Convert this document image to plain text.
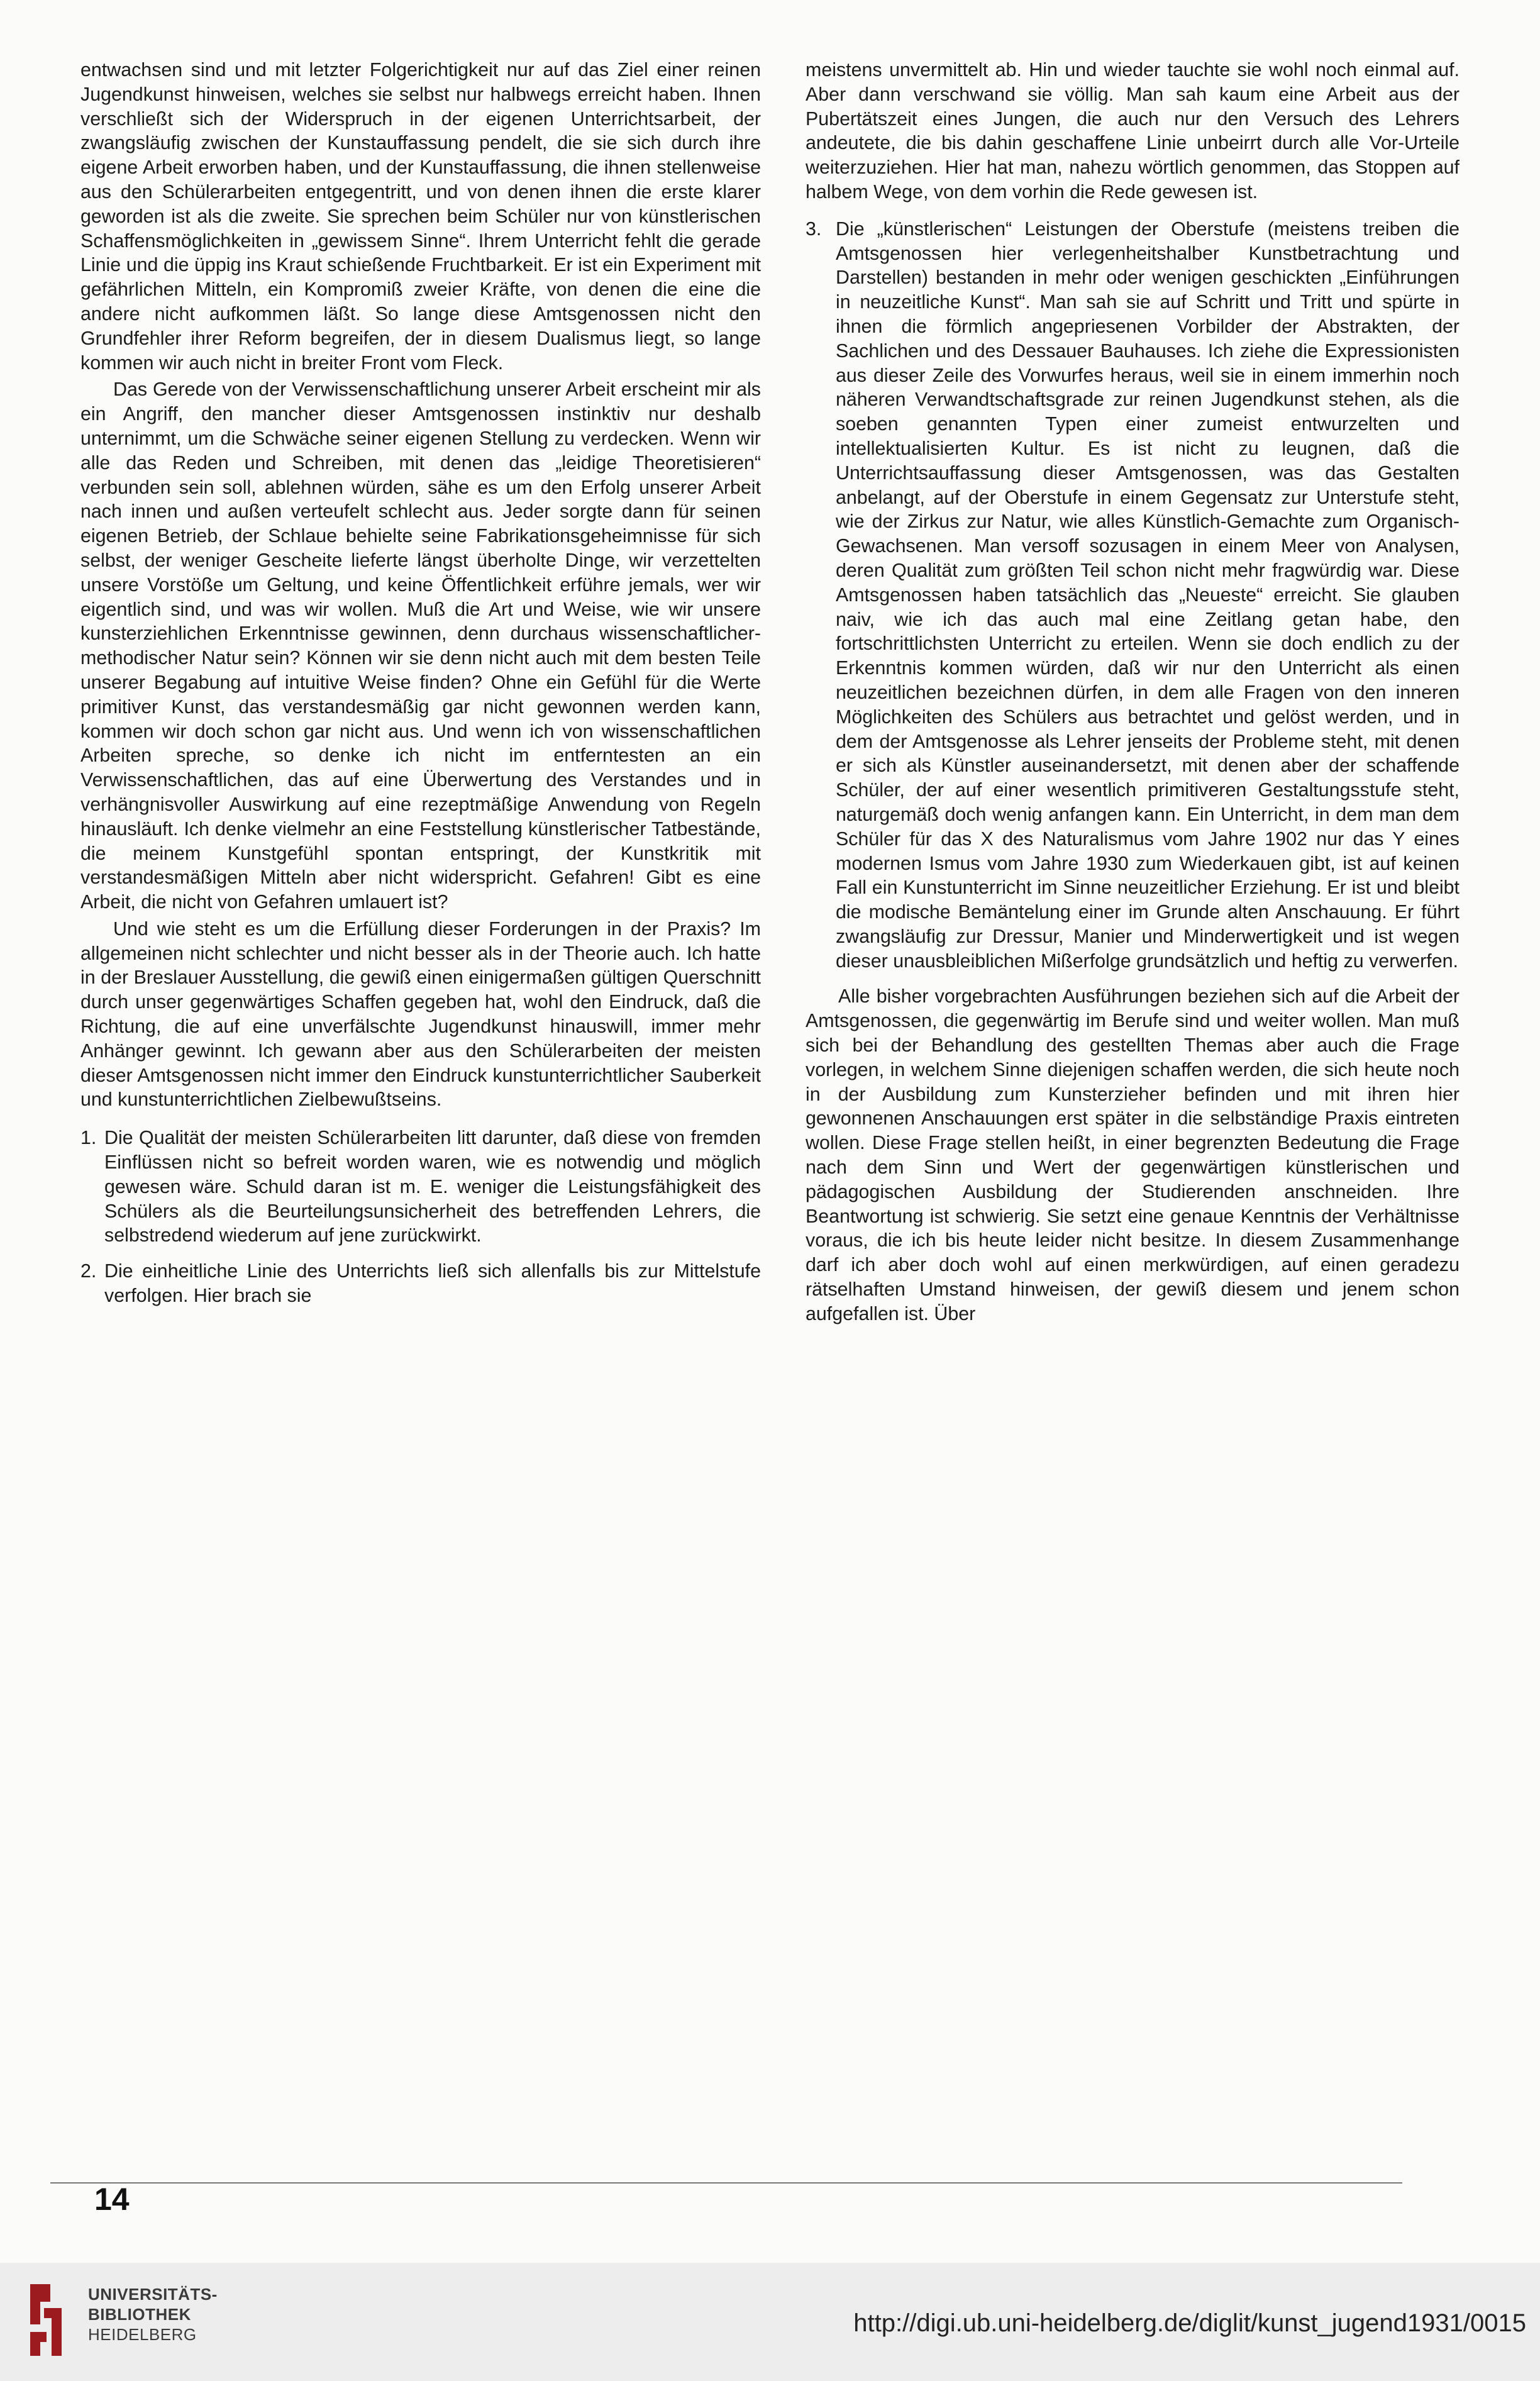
entwachsen sind und mit letzter Folgerichtigkeit nur auf das Ziel einer reinen Jugendkunst hinweisen, welches sie selbst nur halbwegs erreicht haben. Ihnen verschließt sich der Widerspruch in der eigenen Unterrichtsarbeit, der zwangsläufig zwischen der Kunstauffassung pendelt, die sie sich durch ihre eigene Arbeit erworben haben, und der Kunstauffassung, die ihnen stellenweise aus den Schülerarbeiten entgegentritt, und von denen ihnen die erste klarer geworden ist als die zweite. Sie sprechen beim Schüler nur von künstlerischen Schaffensmöglichkeiten in „gewissem Sinne“. Ihrem Unterricht fehlt die gerade Linie und die üppig ins Kraut schießende Fruchtbarkeit. Er ist ein Experiment mit gefährlichen Mitteln, ein Kompromiß zweier Kräfte, von denen die eine die andere nicht aufkommen läßt. So lange diese Amtsgenossen nicht den Grundfehler ihrer Reform begreifen, der in diesem Dualismus liegt, so lange kommen wir auch nicht in breiter Front vom Fleck.

Das Gerede von der Verwissenschaftlichung unserer Arbeit erscheint mir als ein Angriff, den mancher dieser Amtsgenossen instinktiv nur deshalb unternimmt, um die Schwäche seiner eigenen Stellung zu verdecken. Wenn wir alle das Reden und Schreiben, mit denen das „leidige Theoretisieren“ verbunden sein soll, ablehnen würden, sähe es um den Erfolg unserer Arbeit nach innen und außen verteufelt schlecht aus. Jeder sorgte dann für seinen eigenen Betrieb, der Schlaue behielte seine Fabrikationsgeheimnisse für sich selbst, der weniger Gescheite lieferte längst überholte Dinge, wir verzettelten unsere Vorstöße um Geltung, und keine Öffentlichkeit erführe jemals, wer wir eigentlich sind, und was wir wollen. Muß die Art und Weise, wie wir unsere kunsterziehlichen Erkenntnisse gewinnen, denn durchaus wissenschaftlicher-methodischer Natur sein? Können wir sie denn nicht auch mit dem besten Teile unserer Begabung auf intuitive Weise finden? Ohne ein Gefühl für die Werte primitiver Kunst, das verstandesmäßig gar nicht gewonnen werden kann, kommen wir doch schon gar nicht aus. Und wenn ich von wissenschaftlichen Arbeiten spreche, so denke ich nicht im entferntesten an ein Verwissenschaftlichen, das auf eine Überwertung des Verstandes und in verhängnisvoller Auswirkung auf eine rezeptmäßige Anwendung von Regeln hinausläuft. Ich denke vielmehr an eine Feststellung künstlerischer Tatbestände, die meinem Kunstgefühl spontan entspringt, der Kunstkritik mit verstandesmäßigen Mitteln aber nicht widerspricht. Gefahren! Gibt es eine Arbeit, die nicht von Gefahren umlauert ist?

Und wie steht es um die Erfüllung dieser Forderungen in der Praxis? Im allgemeinen nicht schlechter und nicht besser als in der Theorie auch. Ich hatte in der Breslauer Ausstellung, die gewiß einen einigermaßen gültigen Querschnitt durch unser gegenwärtiges Schaffen gegeben hat, wohl den Eindruck, daß die Richtung, die auf eine unverfälschte Jugendkunst hinauswill, immer mehr Anhänger gewinnt. Ich gewann aber aus den Schülerarbeiten der meisten dieser Amtsgenossen nicht immer den Eindruck kunstunterrichtlicher Sauberkeit und kunstunterrichtlichen Zielbewußtseins.

1. Die Qualität der meisten Schülerarbeiten litt darunter, daß diese von fremden Einflüssen nicht so befreit worden waren, wie es notwendig und möglich gewesen wäre. Schuld daran ist m. E. weniger die Leistungsfähigkeit des Schülers als die Beurteilungsunsicherheit des betreffenden Lehrers, die selbstredend wiederum auf jene zurückwirkt.
2. Die einheitliche Linie des Unterrichts ließ sich allenfalls bis zur Mittelstufe verfolgen. Hier brach sie

meistens unvermittelt ab. Hin und wieder tauchte sie wohl noch einmal auf. Aber dann verschwand sie völlig. Man sah kaum eine Arbeit aus der Pubertätszeit eines Jungen, die auch nur den Versuch des Lehrers andeutete, die bis dahin geschaffene Linie unbeirrt durch alle Vor-Urteile weiterzuziehen. Hier hat man, nahezu wörtlich genommen, das Stoppen auf halbem Wege, von dem vorhin die Rede gewesen ist.

3. Die „künstlerischen“ Leistungen der Oberstufe (meistens treiben die Amtsgenossen hier verlegenheitshalber Kunstbetrachtung und Darstellen) bestanden in mehr oder wenigen geschickten „Einführungen in neuzeitliche Kunst“. Man sah sie auf Schritt und Tritt und spürte in ihnen die förmlich angepriesenen Vorbilder der Abstrakten, der Sachlichen und des Dessauer Bauhauses. Ich ziehe die Expressionisten aus dieser Zeile des Vorwurfes heraus, weil sie in einem immerhin noch näheren Verwandtschaftsgrade zur reinen Jugendkunst stehen, als die soeben genannten Typen einer zumeist entwurzelten und intellektualisierten Kultur. Es ist nicht zu leugnen, daß die Unterrichtsauffassung dieser Amtsgenossen, was das Gestalten anbelangt, auf der Oberstufe in einem Gegensatz zur Unterstufe steht, wie der Zirkus zur Natur, wie alles Künstlich-Gemachte zum Organisch-Gewachsenen. Man versoff sozusagen in einem Meer von Analysen, deren Qualität zum größten Teil schon nicht mehr fragwürdig war. Diese Amtsgenossen haben tatsächlich das „Neueste“ erreicht. Sie glauben naiv, wie ich das auch mal eine Zeitlang getan habe, den fortschrittlichsten Unterricht zu erteilen. Wenn sie doch endlich zu der Erkenntnis kommen würden, daß wir nur den Unterricht als einen neuzeitlichen bezeichnen dürfen, in dem alle Fragen von den inneren Möglichkeiten des Schülers aus betrachtet und gelöst werden, und in dem der Amtsgenosse als Lehrer jenseits der Probleme steht, mit denen er sich als Künstler auseinandersetzt, mit denen aber der schaffende Schüler, der auf einer wesentlich primitiveren Gestaltungsstufe steht, naturgemäß doch wenig anfangen kann. Ein Unterricht, in dem man dem Schüler für das X des Naturalismus vom Jahre 1902 nur das Y eines modernen Ismus vom Jahre 1930 zum Wiederkauen gibt, ist auf keinen Fall ein Kunstunterricht im Sinne neuzeitlicher Erziehung. Er ist und bleibt die modische Bemäntelung einer im Grunde alten Anschauung. Er führt zwangsläufig zur Dressur, Manier und Minderwertigkeit und ist wegen dieser unausbleiblichen Mißerfolge grundsätzlich und heftig zu verwerfen.

Alle bisher vorgebrachten Ausführungen beziehen sich auf die Arbeit der Amtsgenossen, die gegenwärtig im Berufe sind und weiter wollen. Man muß sich bei der Behandlung des gestellten Themas aber auch die Frage vorlegen, in welchem Sinne diejenigen schaffen werden, die sich heute noch in der Ausbildung zum Kunsterzieher befinden und mit ihren hier gewonnenen Anschauungen erst später in die selbständige Praxis eintreten wollen. Diese Frage stellen heißt, in einer begrenzten Bedeutung die Frage nach dem Sinn und Wert der gegenwärtigen künstlerischen und pädagogischen Ausbildung der Studierenden anschneiden. Ihre Beantwortung ist schwierig. Sie setzt eine genaue Kenntnis der Verhältnisse voraus, die ich bis heute leider nicht besitze. In diesem Zusammenhange darf ich aber doch wohl auf einen merkwürdigen, auf einen geradezu rätselhaften Umstand hinweisen, der gewiß diesem und jenem schon aufgefallen ist. Über

14
UNIVERSITÄTS-
BIBLIOTHEK
HEIDELBERG	http://digi.ub.uni-heidelberg.de/diglit/kunst_jugend1931/0015
